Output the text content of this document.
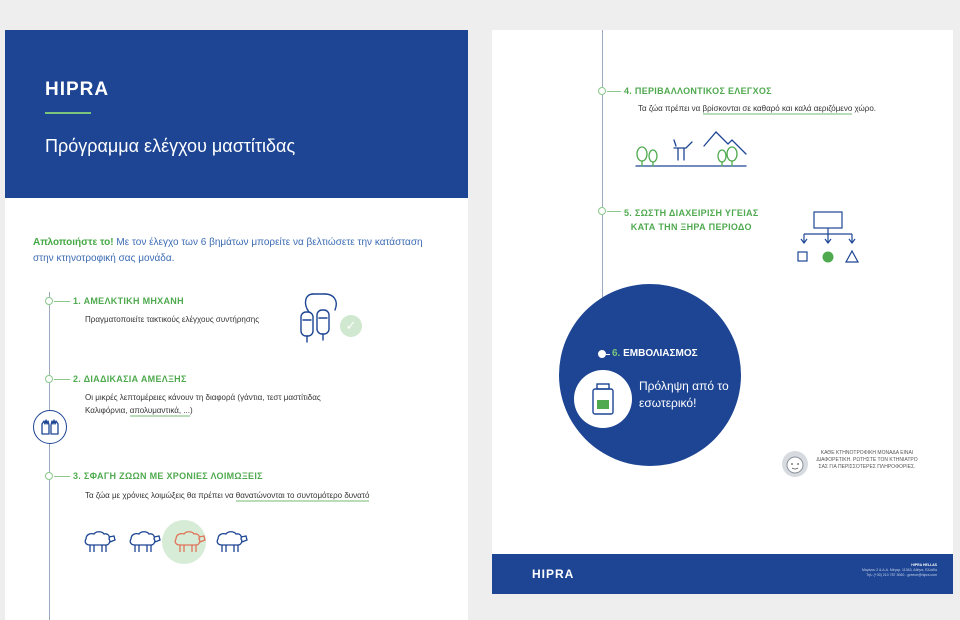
HIPRA
Πρόγραμμα ελέγχου μαστίτιδας
Απλοποιήστε το! Με τον έλεγχο των 6 βημάτων μπορείτε να βελτιώσετε την κατάσταση
στην κτηνοτροφική σας μονάδα.
1. ΑΜΕΛΚΤΙΚΗ ΜΗΧΑΝΗ
Πραγματοποιείτε τακτικούς ελέγχους συντήρησης	✓
2. ΔΙΑΔΙΚΑΣΙΑ ΑΜΕΛΞΗΣ
Οι μικρές λεπτομέρειες κάνουν τη διαφορά (γάντια, τεστ μαστίτιδας
Καλιφόρνια, απολυμαντικά, ...)
3. ΣΦΑΓΗ ΖΩΩΝ ΜΕ ΧΡΟΝΙΕΣ ΛΟΙΜΩΞΕΙΣ
Τα ζώα με χρόνιες λοιμώξεις θα πρέπει να θανατώνονται το συντομότερο δυνατό
4. ΠΕΡΙΒΑΛΛΟΝΤΙΚΟΣ ΕΛΕΓΧΟΣ
Τα ζώα πρέπει να βρίσκονται σε καθαρό και καλά αεριζόμενο χώρο.
5. ΣΩΣΤΗ ΔΙΑΧΕΙΡΙΣΗ ΥΓΕΙΑΣ
ΚΑΤΑ ΤΗΝ ΞΗΡΑ ΠΕΡΙΟΔΟ
6. ΕΜΒΟΛΙΑΣΜΟΣ
Πρόληψη από το εσωτερικό!
ΚΑΘΕ ΚΤΗΝΟΤΡΟΦΙΚΗ ΜΟΝΑΔΑ ΕΙΝΑΙ ΔΙΑΦΟΡΕΤΙΚΗ. ΡΩΤΗΣΤΕ ΤΟΝ ΚΤΗΝΙΑΤΡΟ ΣΑΣ ΓΙΑ ΠΕΡΙΣΣΟΤΕΡΕΣ ΠΛΗΡΟΦΟΡΙΕΣ.
HIPRA
HIPRA HELLAS
Μαρίνου 2 & Δ.Α. Μέγαρ. 11363, Αθήνα, Ελλάδα
Τηλ: (+30) 210 787 3060 - greece@hipra.com
